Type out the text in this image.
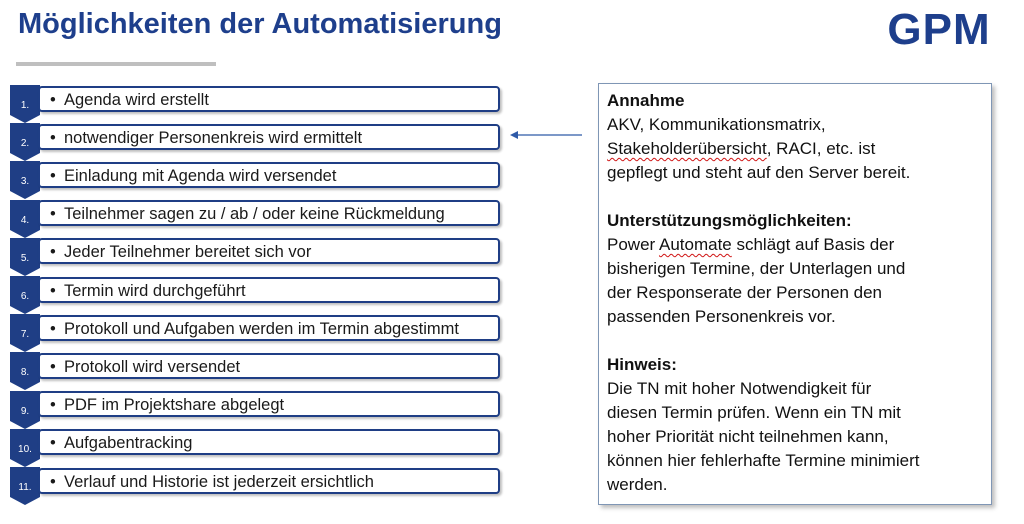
Möglichkeiten der Automatisierung	GPM
1.	• Agenda wird erstellt
2.	• notwendiger Personenkreis wird ermittelt
3.	• Einladung mit Agenda wird versendet
4.	• Teilnehmer sagen zu / ab / oder keine Rückmeldung
5.	• Jeder Teilnehmer bereitet sich vor
6.	• Termin wird durchgeführt
7.	• Protokoll und Aufgaben werden im Termin abgestimmt
8.	• Protokoll wird versendet
9.	• PDF im Projektshare abgelegt
10.	• Aufgabentracking
11.	• Verlauf und Historie ist jederzeit ersichtlich

Annahme

AKV, Kommunikationsmatrix,

Stakeholderübersicht, RACI, etc. ist

gepflegt und steht auf den Server bereit.

Unterstützungsmöglichkeiten:

Power Automate schlägt auf Basis der

bisherigen Termine, der Unterlagen und

der Responserate der Personen den

passenden Personenkreis vor.

Hinweis:

Die TN mit hoher Notwendigkeit für

diesen Termin prüfen. Wenn ein TN mit

hoher Priorität nicht teilnehmen kann,

können hier fehlerhafte Termine minimiert

werden.
